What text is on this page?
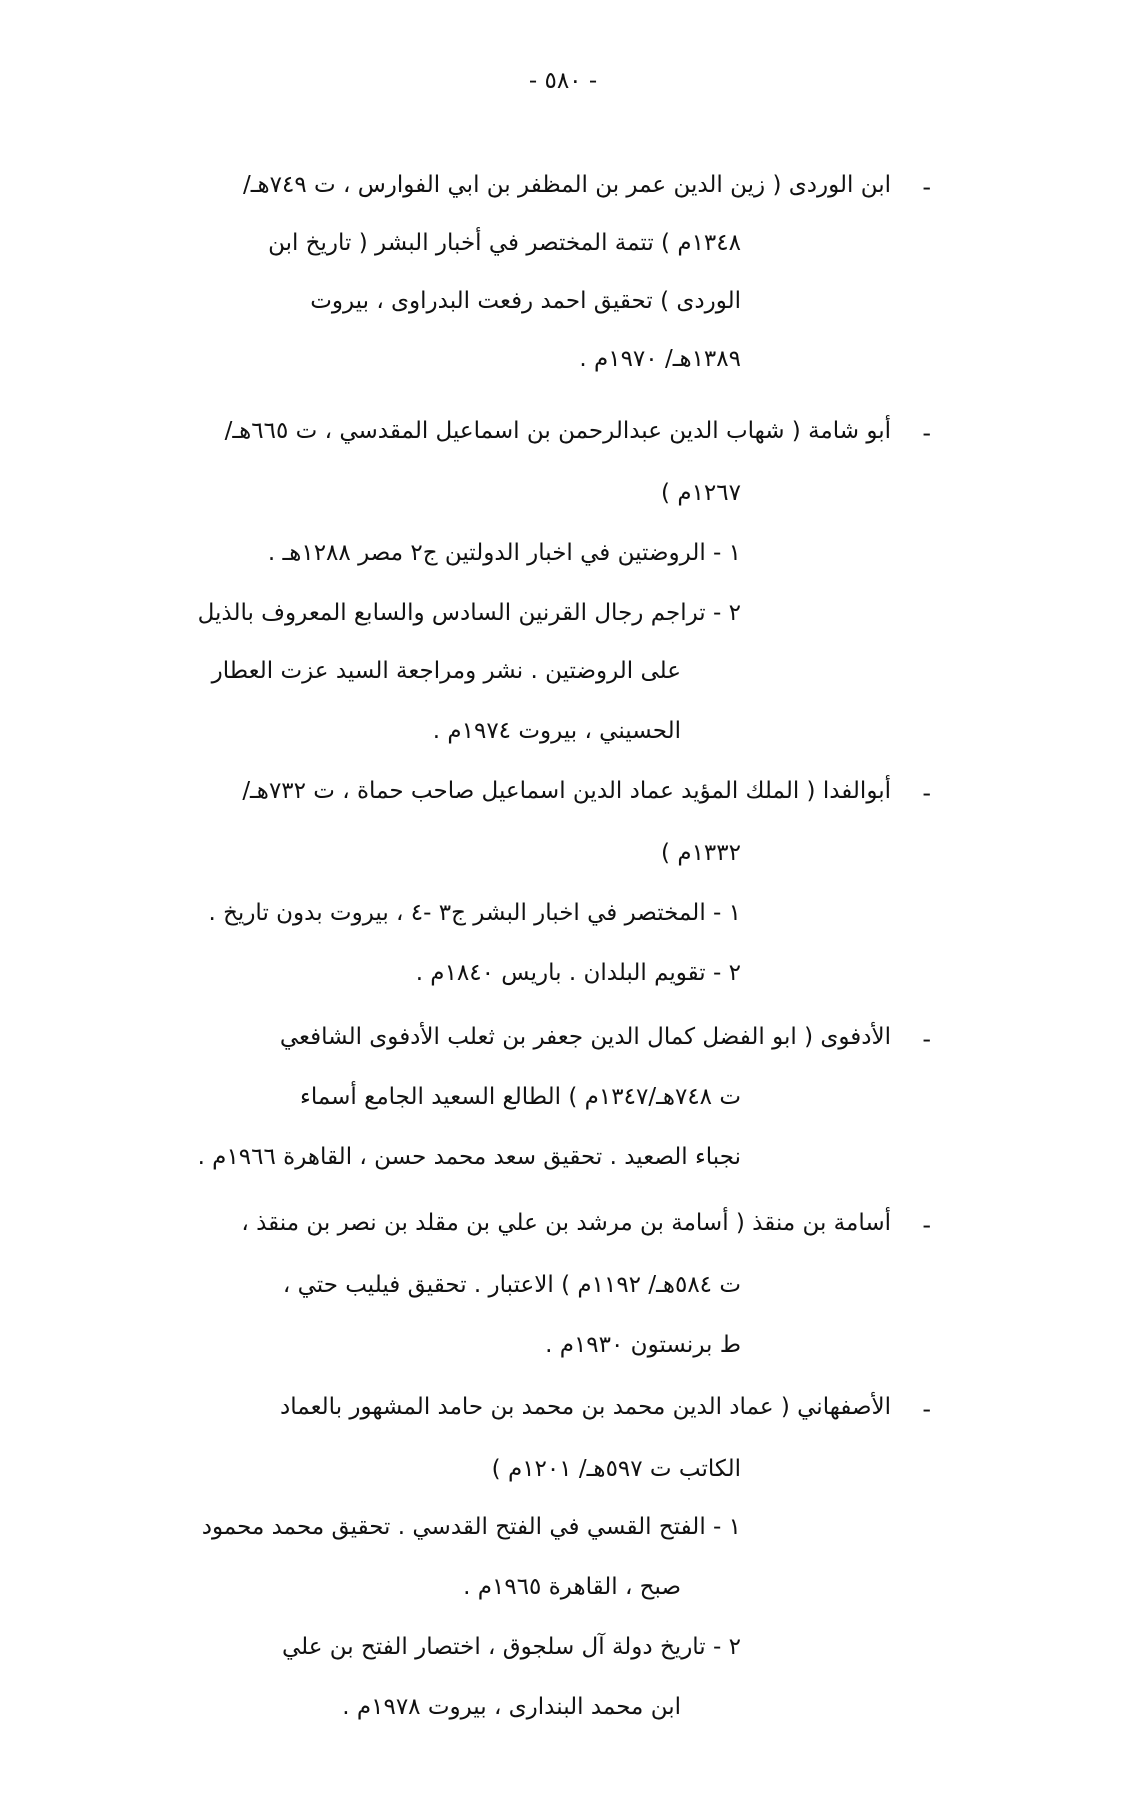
- ٥٨٠ -
-
ابن الوردى ( زين الدين عمر بن المظفر بن ابي الفوارس ، ت ٧٤٩هـ/
١٣٤٨م ) تتمة المختصر في أخبار البشر ( تاريخ ابن
الوردى ) تحقيق احمد رفعت البدراوى ، بيروت
١٣٨٩هـ/ ١٩٧٠م .
-
أبو شامة ( شهاب الدين عبدالرحمن بن اسماعيل المقدسي ، ت ٦٦٥هـ/
١٢٦٧م )
١ - الروضتين في اخبار الدولتين ج٢ مصر ١٢٨٨هـ .
٢ - تراجم رجال القرنين السادس والسابع المعروف بالذيل
على الروضتين . نشر ومراجعة السيد عزت العطار
الحسيني ، بيروت ١٩٧٤م .
-
أبوالفدا ( الملك المؤيد عماد الدين اسماعيل صاحب حماة ، ت ٧٣٢هـ/
١٣٣٢م )
١ - المختصر في اخبار البشر ج٣ -٤ ، بيروت بدون تاريخ .
٢ - تقويم البلدان . باريس ١٨٤٠م .
-
الأدفوى ( ابو الفضل كمال الدين جعفر بن ثعلب الأدفوى الشافعي
ت ٧٤٨هـ/١٣٤٧م ) الطالع السعيد الجامع أسماء
نجباء الصعيد . تحقيق سعد محمد حسن ، القاهرة ١٩٦٦م .
-
أسامة بن منقذ ( أسامة بن مرشد بن علي بن مقلد بن نصر بن منقذ ،
ت ٥٨٤هـ/ ١١٩٢م ) الاعتبار . تحقيق فيليب حتي ،
ط برنستون ١٩٣٠م .
-
الأصفهاني ( عماد الدين محمد بن محمد بن حامد المشهور بالعماد
الكاتب ت ٥٩٧هـ/ ١٢٠١م )
١ - الفتح القسي في الفتح القدسي . تحقيق محمد محمود
صبح ، القاهرة ١٩٦٥م .
٢ - تاريخ دولة آل سلجوق ، اختصار الفتح بن علي
ابن محمد البندارى ، بيروت ١٩٧٨م .
